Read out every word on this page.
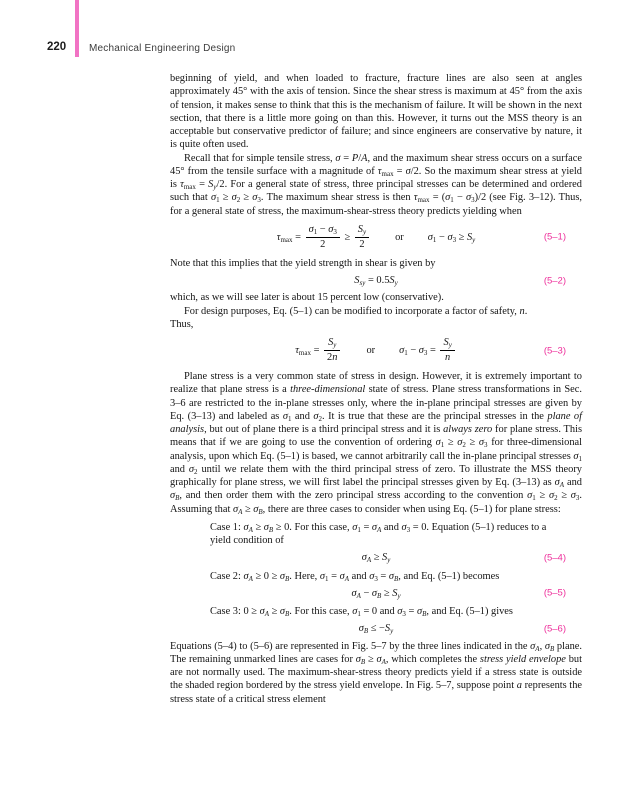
220 Mechanical Engineering Design
beginning of yield, and when loaded to fracture, fracture lines are also seen at angles approximately 45° with the axis of tension. Since the shear stress is maximum at 45° from the axis of tension, it makes sense to think that this is the mechanism of failure. It will be shown in the next section, that there is a little more going on than this. However, it turns out the MSS theory is an acceptable but conservative predictor of failure; and since engineers are conservative by nature, it is quite often used.
Recall that for simple tensile stress, σ = P/A, and the maximum shear stress occurs on a surface 45° from the tensile surface with a magnitude of $\tau_{max} = \sigma/2$. So the maximum shear stress at yield is $\tau_{max} = S_y/2$. For a general state of stress, three principal stresses can be determined and ordered such that $\sigma_1 \ge \sigma_2 \ge \sigma_3$. The maximum shear stress is then $\tau_{max} = (\sigma_1 - \sigma_3)/2$ (see Fig. 3–12). Thus, for a general state of stress, the maximum-shear-stress theory predicts yielding when
$\tau_{max} = \frac{\sigma_1 - \sigma_3}{2} \ge \frac{S_y}{2}$	or $\sigma_1 - \sigma_3 \ge S_y$	(5–1)
Note that this implies that the yield strength in shear is given by
$S_{sy} = 0.5S_y$	(5–2)
which, as we will see later is about 15 percent low (conservative).
For design purposes, Eq. (5–1) can be modified to incorporate a factor of safety, n.
Thus,
$\tau_{max} = \frac{S_y}{2n}$	or $\sigma_1 - \sigma_3 = \frac{S_y}{n}$	(5–3)
Plane stress is a very common state of stress in design. However, it is extremely important to realize that plane stress is a three-dimensional state of stress. Plane stress transformations in Sec. 3–6 are restricted to the in-plane stresses only, where the in-plane principal stresses are given by Eq. (3–13) and labeled as $\sigma_1$ and $\sigma_2$. It is true that these are the principal stresses in the plane of analysis, but out of plane there is a third principal stress and it is always zero for plane stress. This means that if we are going to use the convention of ordering $\sigma_1 \ge \sigma_2 \ge \sigma_3$ for three-dimensional analysis, upon which Eq. (5–1) is based, we cannot arbitrarily call the in-plane principal stresses $\sigma_1$ and $\sigma_2$ until we relate them with the third principal stress of zero. To illustrate the MSS theory graphically for plane stress, we will first label the principal stresses given by Eq. (3–13) as $\sigma_A$ and $\sigma_B$, and then order them with the zero principal stress according to the convention $\sigma_1 \ge \sigma_2 \ge \sigma_3$. Assuming that $\sigma_A \ge \sigma_B$, there are three cases to consider when using Eq. (5–1) for plane stress:
Case 1: $\sigma_A \ge \sigma_B \ge 0$. For this case, $\sigma_1 = \sigma_A$ and $\sigma_3 = 0$. Equation (5–1) reduces to a yield condition of
$\sigma_A \ge S_y$	(5–4)
Case 2: $\sigma_A \ge 0 \ge \sigma_B$. Here, $\sigma_1 = \sigma_A$ and $\sigma_3 = \sigma_B$, and Eq. (5–1) becomes
$\sigma_A - \sigma_B \ge S_y$	(5–5)
Case 3: $0 \ge \sigma_A \ge \sigma_B$. For this case, $\sigma_1 = 0$ and $\sigma_3 = \sigma_B$, and Eq. (5–1) gives
$\sigma_B \le -S_y$	(5–6)
Equations (5–4) to (5–6) are represented in Fig. 5–7 by the three lines indicated in the $\sigma_A$, $\sigma_B$ plane. The remaining unmarked lines are cases for $\sigma_B \ge \sigma_A$, which completes the stress yield envelope but are not normally used. The maximum-shear-stress theory predicts yield if a stress state is outside the shaded region bordered by the stress yield envelope. In Fig. 5–7, suppose point a represents the stress state of a critical stress element
